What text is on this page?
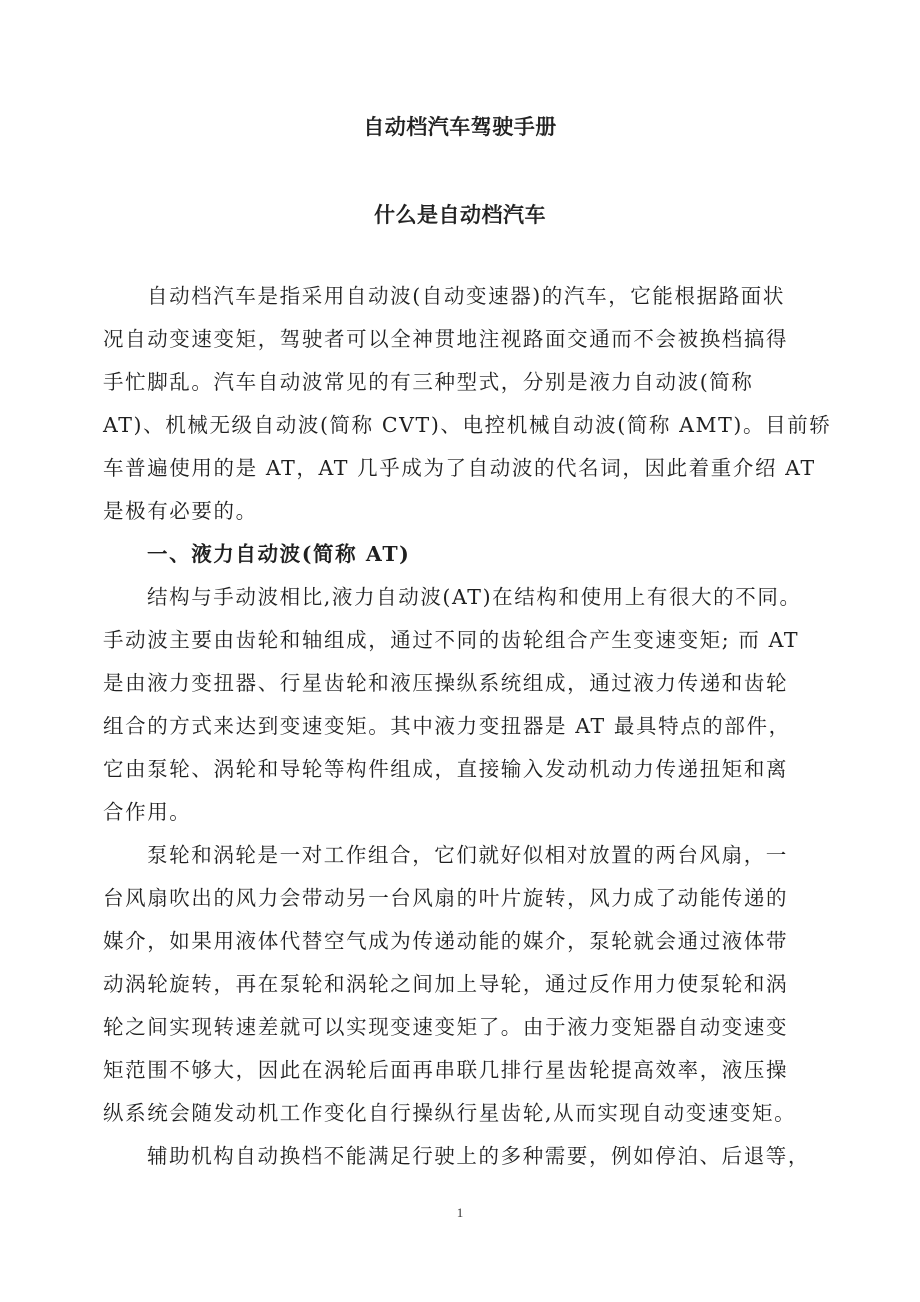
自动档汽车驾驶手册
什么是自动档汽车
自动档汽车是指采用自动波(自动变速器)的汽车，它能根据路面状
况自动变速变矩，驾驶者可以全神贯地注视路面交通而不会被换档搞得
手忙脚乱。汽车自动波常见的有三种型式，分别是液力自动波(简称
AT)、机械无级自动波(简称 CVT)、电控机械自动波(简称 AMT)。目前轿
车普遍使用的是 AT，AT 几乎成为了自动波的代名词，因此着重介绍 AT
是极有必要的。
一、液力自动波(简称 AT)
结构与手动波相比,液力自动波(AT)在结构和使用上有很大的不同。
手动波主要由齿轮和轴组成，通过不同的齿轮组合产生变速变矩; 而 AT
是由液力变扭器、行星齿轮和液压操纵系统组成，通过液力传递和齿轮
组合的方式来达到变速变矩。其中液力变扭器是 AT 最具特点的部件，
它由泵轮、涡轮和导轮等构件组成，直接输入发动机动力传递扭矩和离
合作用。
泵轮和涡轮是一对工作组合，它们就好似相对放置的两台风扇，一
台风扇吹出的风力会带动另一台风扇的叶片旋转，风力成了动能传递的
媒介，如果用液体代替空气成为传递动能的媒介，泵轮就会通过液体带
动涡轮旋转，再在泵轮和涡轮之间加上导轮，通过反作用力使泵轮和涡
轮之间实现转速差就可以实现变速变矩了。由于液力变矩器自动变速变
矩范围不够大，因此在涡轮后面再串联几排行星齿轮提高效率，液压操
纵系统会随发动机工作变化自行操纵行星齿轮,从而实现自动变速变矩。
辅助机构自动换档不能满足行驶上的多种需要，例如停泊、后退等，
1
